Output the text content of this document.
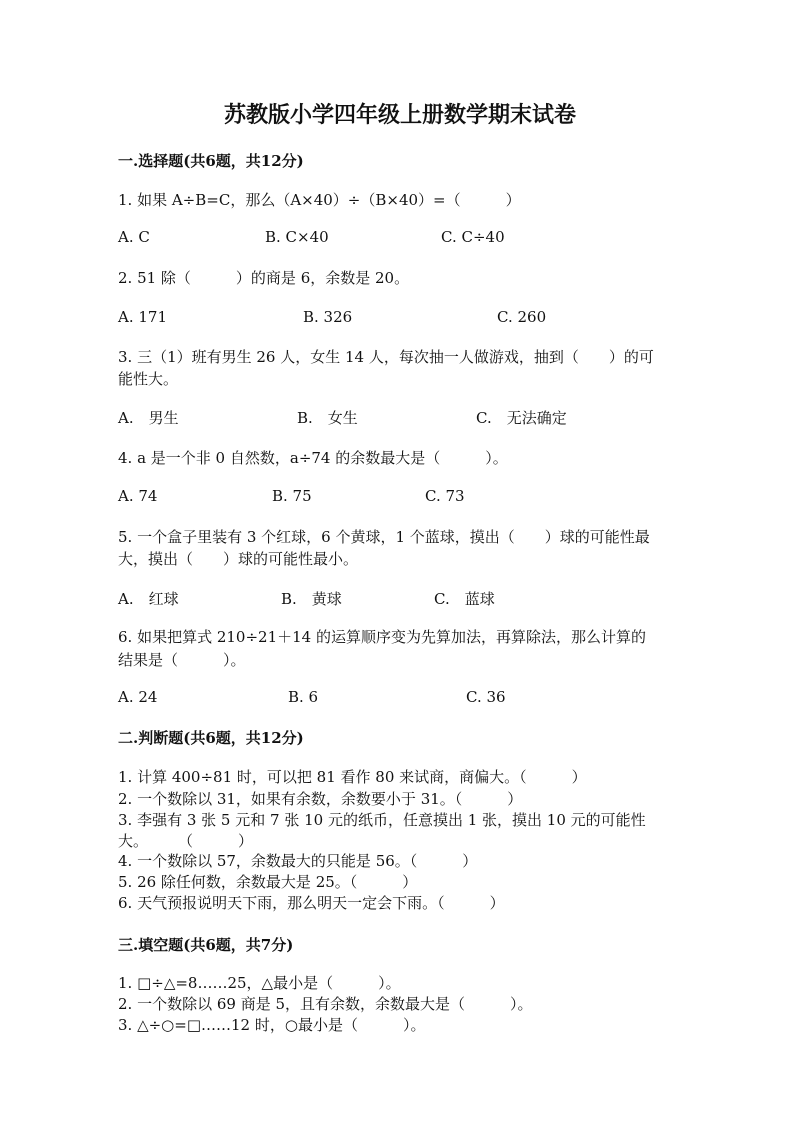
苏教版小学四年级上册数学期末试卷
一.选择题(共6题，共12分)
1. 如果 A÷B=C，那么（A×40）÷（B×40）=（　　　）
A. C	B. C×40	C. C÷40
2. 51 除（　　　）的商是 6，余数是 20。
A. 171	B. 326	C. 260
3. 三（1）班有男生 26 人，女生 14 人，每次抽一人做游戏，抽到（　　）的可
能性大。
A.　男生	B.　女生	C.　无法确定
4. a 是一个非 0 自然数，a÷74 的余数最大是（　　　）。
A. 74	B. 75	C. 73
5. 一个盒子里装有 3 个红球，6 个黄球，1 个蓝球，摸出（　　）球的可能性最
大，摸出（　　）球的可能性最小。
A.　红球	B.　黄球	C.　蓝球
6. 如果把算式 210÷21＋14 的运算顺序变为先算加法，再算除法，那么计算的
结果是（　　　）。
A. 24	B. 6	C. 36
二.判断题(共6题，共12分)
1. 计算 400÷81 时，可以把 81 看作 80 来试商，商偏大。（　　　）
2. 一个数除以 31，如果有余数，余数要小于 31。（　　　）
3. 李强有 3 张 5 元和 7 张 10 元的纸币，任意摸出 1 张，摸出 10 元的可能性
大。　　　（　　　）
4. 一个数除以 57，余数最大的只能是 56。（　　　）
5. 26 除任何数，余数最大是 25。（　　　）
6. 天气预报说明天下雨，那么明天一定会下雨。（　　　）
三.填空题(共6题，共7分)
1. □÷△=8……25，△最小是（　　　）。
2. 一个数除以 69 商是 5，且有余数，余数最大是（　　　）。
3. △÷○=□……12 时，○最小是（　　　）。
